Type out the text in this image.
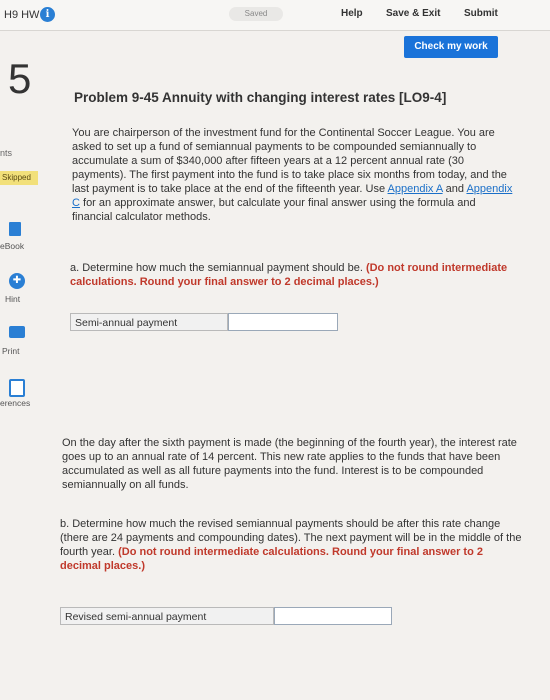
H9 HW i	Saved	Help Save & Exit Submit
Check my work
5
nts
Skipped
eBook
✚
Hint
Print
erences
Problem 9-45 Annuity with changing interest rates [LO9-4]

You are chairperson of the investment fund for the Continental Soccer League. You are asked to set up a fund of semiannual payments to be compounded semiannually to accumulate a sum of $340,000 after fifteen years at a 12 percent annual rate (30 payments). The first payment into the fund is to take place six months from today, and the last payment is to take place at the end of the fifteenth year. Use Appendix A and Appendix C for an approximate answer, but calculate your final answer using the formula and financial calculator methods.

a. Determine how much the semiannual payment should be. (Do not round intermediate calculations. Round your final answer to 2 decimal places.)

Semi-annual payment

On the day after the sixth payment is made (the beginning of the fourth year), the interest rate goes up to an annual rate of 14 percent. This new rate applies to the funds that have been accumulated as well as all future payments into the fund. Interest is to be compounded semiannually on all funds.

b. Determine how much the revised semiannual payments should be after this rate change (there are 24 payments and compounding dates). The next payment will be in the middle of the fourth year. (Do not round intermediate calculations. Round your final answer to 2 decimal places.)

Revised semi-annual payment
